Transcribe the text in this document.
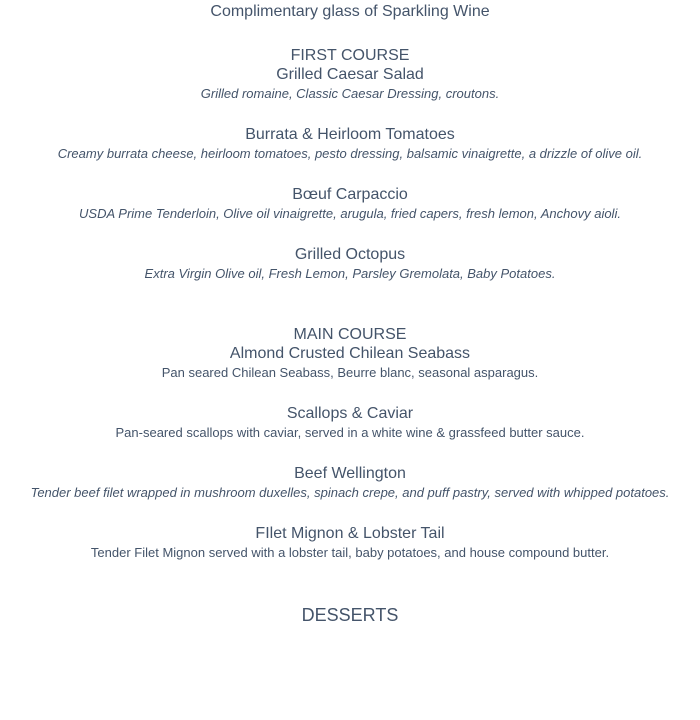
Complimentary glass of Sparkling Wine
FIRST COURSE
Grilled Caesar Salad
Grilled romaine, Classic Caesar Dressing, croutons.
Burrata & Heirloom Tomatoes
Creamy burrata cheese, heirloom tomatoes, pesto dressing, balsamic vinaigrette, a drizzle of olive oil.
Bœuf Carpaccio
USDA Prime Tenderloin, Olive oil vinaigrette, arugula, fried capers, fresh lemon, Anchovy aioli.
Grilled Octopus
Extra Virgin Olive oil, Fresh Lemon, Parsley Gremolata, Baby Potatoes.
MAIN COURSE
Almond Crusted Chilean Seabass
Pan seared Chilean Seabass, Beurre blanc, seasonal asparagus.
Scallops & Caviar
Pan-seared scallops with caviar, served in a white wine & grassfeed butter sauce.
Beef Wellington
Tender beef filet wrapped in mushroom duxelles, spinach crepe, and puff pastry, served with whipped potatoes.
FIlet Mignon & Lobster Tail
Tender Filet Mignon served with a lobster tail, baby potatoes, and house compound butter.
DESSERTS
